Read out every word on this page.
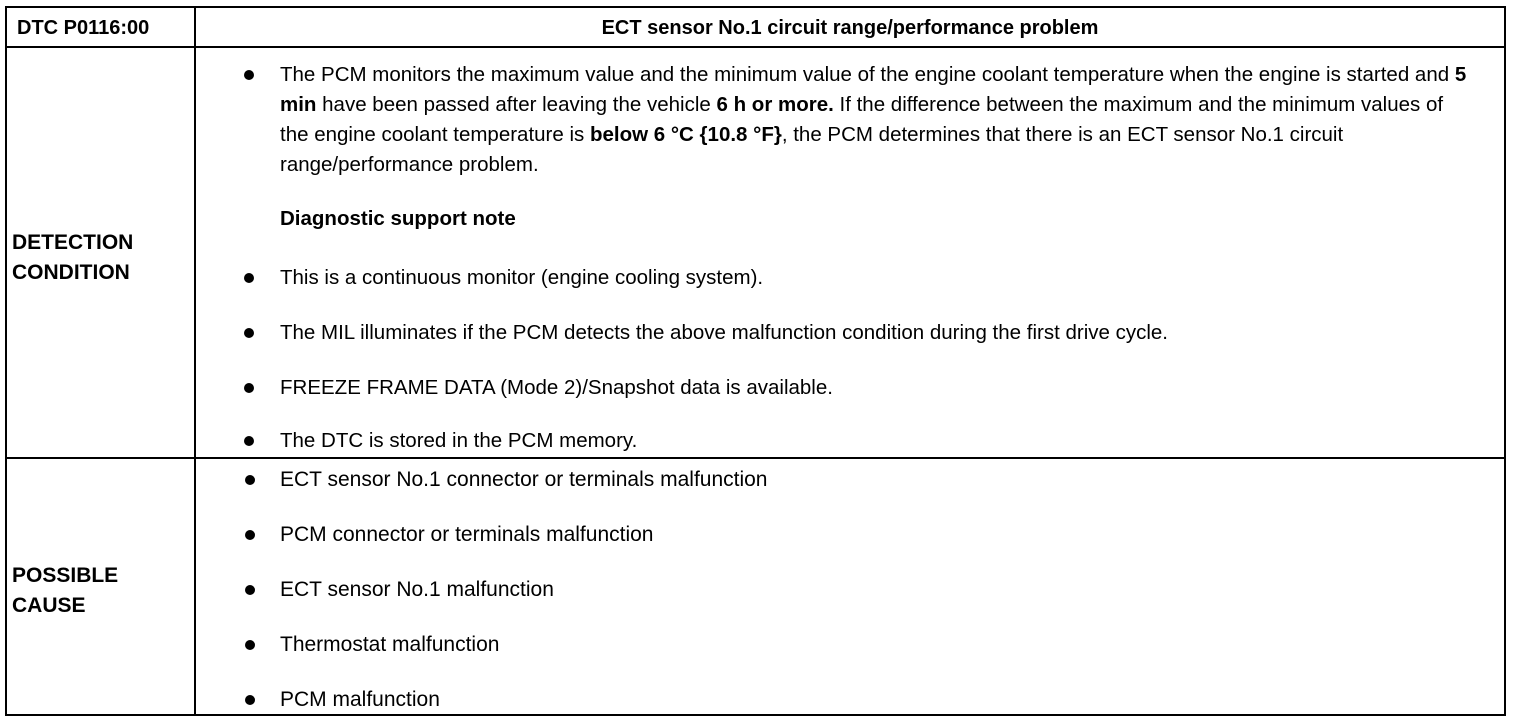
DTC P0116:00	ECT sensor No.1 circuit range/performance problem
DETECTION
CONDITION
The PCM monitors the maximum value and the minimum value of the engine coolant temperature when the engine is started and 5 min have been passed after leaving the vehicle 6 h or more. If the difference between the maximum and the minimum values of the engine coolant temperature is below 6 °C {10.8 °F}, the PCM determines that there is an ECT sensor No.1 circuit range/performance problem.
Diagnostic support note
This is a continuous monitor (engine cooling system).
The MIL illuminates if the PCM detects the above malfunction condition during the first drive cycle.
FREEZE FRAME DATA (Mode 2)/Snapshot data is available.
The DTC is stored in the PCM memory.
POSSIBLE
CAUSE
ECT sensor No.1 connector or terminals malfunction
PCM connector or terminals malfunction
ECT sensor No.1 malfunction
Thermostat malfunction
PCM malfunction
